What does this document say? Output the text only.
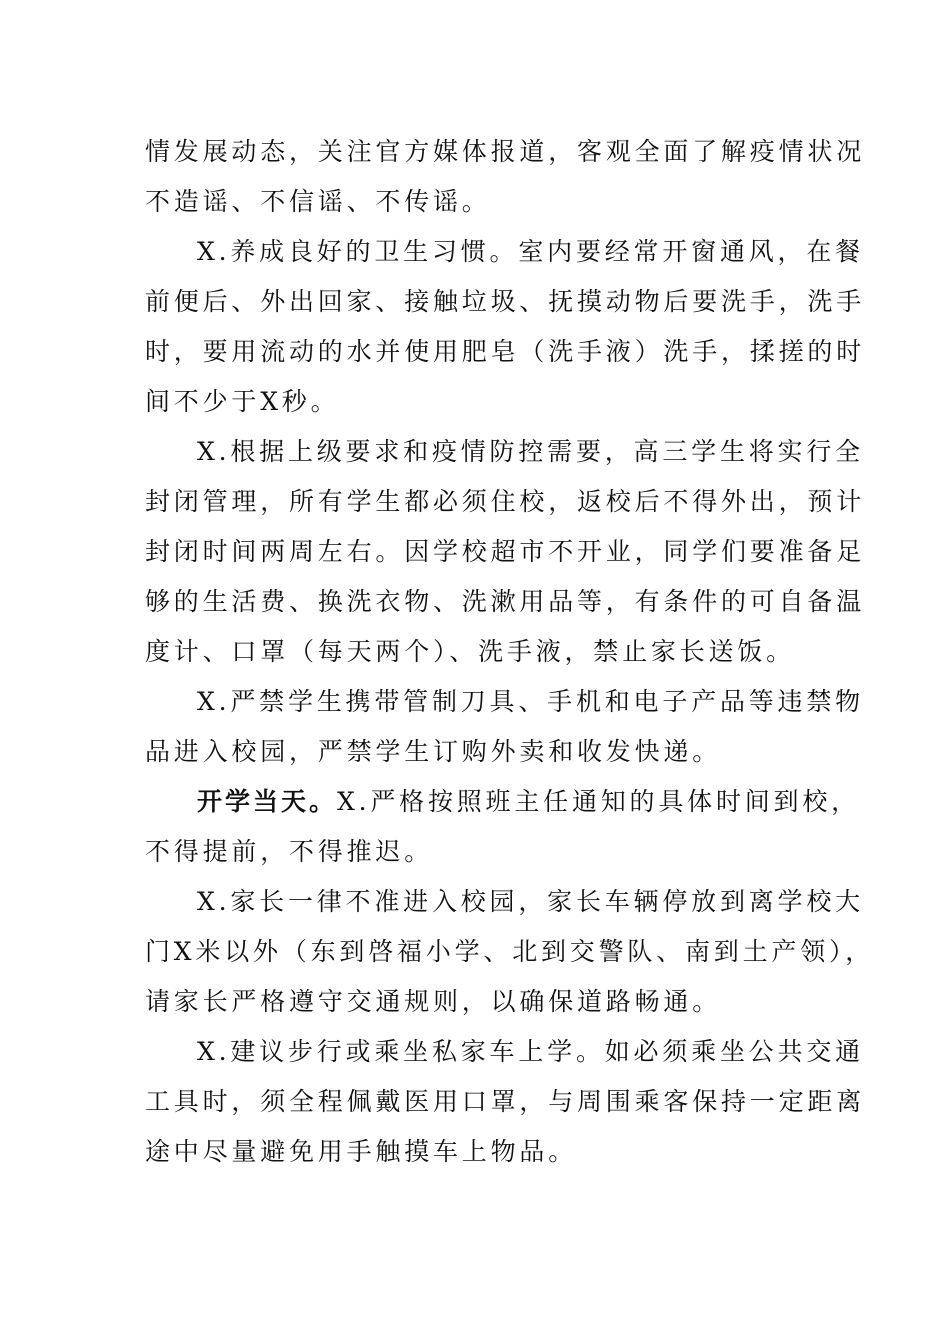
情发展动态，关注官方媒体报道，客观全面了解疫情状况
不造谣、不信谣、不传谣。
X.养成良好的卫生习惯。室内要经常开窗通风，在餐
前便后、外出回家、接触垃圾、抚摸动物后要洗手，洗手
时，要用流动的水并使用肥皂（洗手液）洗手，揉搓的时
间不少于X秒。
X.根据上级要求和疫情防控需要，高三学生将实行全
封闭管理，所有学生都必须住校，返校后不得外出，预计
封闭时间两周左右。因学校超市不开业，同学们要准备足
够的生活费、换洗衣物、洗漱用品等，有条件的可自备温
度计、口罩（每天两个）、洗手液，禁止家长送饭。
X.严禁学生携带管制刀具、手机和电子产品等违禁物
品进入校园，严禁学生订购外卖和收发快递。
开学当天。X.严格按照班主任通知的具体时间到校，
不得提前，不得推迟。
X.家长一律不准进入校园，家长车辆停放到离学校大
门X米以外（东到啓福小学、北到交警队、南到土产领），
请家长严格遵守交通规则，以确保道路畅通。
X.建议步行或乘坐私家车上学。如必须乘坐公共交通
工具时，须全程佩戴医用口罩，与周围乘客保持一定距离
途中尽量避免用手触摸车上物品。
